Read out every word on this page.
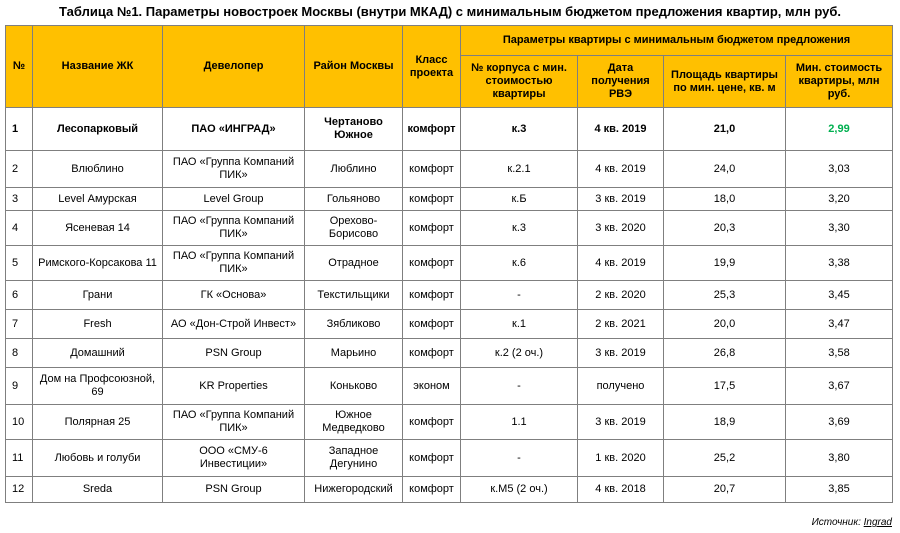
Таблица №1. Параметры новостроек Москвы (внутри МКАД) с минимальным бюджетом предложения квартир, млн руб.
№	Название ЖК	Девелопер	Район Москвы	Класс проекта	Параметры квартиры с минимальным бюджетом предложения			
					№ корпуса с мин. стоимостью квартиры	Дата получения РВЭ	Площадь квартиры по мин. цене, кв. м	Мин. стоимость квартиры, млн руб.
1	Лесопарковый	ПАО «ИНГРАД»	Чертаново Южное	комфорт	к.3	4 кв. 2019	21,0	2,99
2	Влюблино	ПАО «Группа Компаний ПИК»	Люблино	комфорт	к.2.1	4 кв. 2019	24,0	3,03
3	Level Амурская	Level Group	Гольяново	комфорт	к.Б	3 кв. 2019	18,0	3,20
4	Ясеневая 14	ПАО «Группа Компаний ПИК»	Орехово-Борисово	комфорт	к.3	3 кв. 2020	20,3	3,30
5	Римского-Корсакова 11	ПАО «Группа Компаний ПИК»	Отрадное	комфорт	к.6	4 кв. 2019	19,9	3,38
6	Грани	ГК «Основа»	Текстильщики	комфорт	-	2 кв. 2020	25,3	3,45
7	Fresh	АО «Дон-Строй Инвест»	Зябликово	комфорт	к.1	2 кв. 2021	20,0	3,47
8	Домашний	PSN Group	Марьино	комфорт	к.2 (2 оч.)	3 кв. 2019	26,8	3,58
9	Дом на Профсоюзной, 69	KR Properties	Коньково	эконом	-	получено	17,5	3,67
10	Полярная 25	ПАО «Группа Компаний ПИК»	Южное Медведково	комфорт	1.1	3 кв. 2019	18,9	3,69
11	Любовь и голуби	ООО «СМУ-6 Инвестиции»	Западное Дегунино	комфорт	-	1 кв. 2020	25,2	3,80
12	Sreda	PSN Group	Нижегородский	комфорт	к.М5 (2 оч.)	4 кв. 2018	20,7	3,85
Источник: Ingrad
